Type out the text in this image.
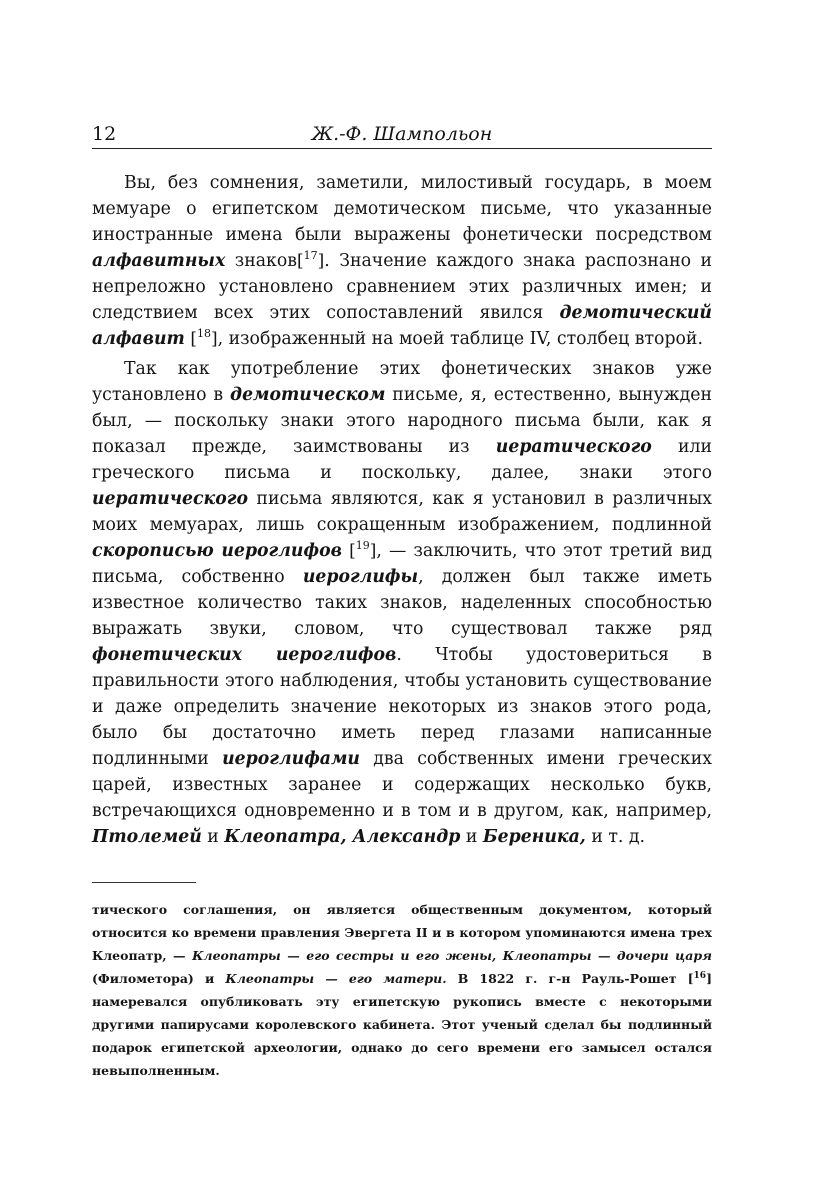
12	Ж.-Ф. Шампольон

Вы, без сомнения, заметили, милостивый государь, в моем мемуаре о египетском демотическом письме, что указанные иностранные имена были выражены фонетически посредством алфавитных знаков[$^{17}$]. Значение каждого знака распознано и непреложно установлено сравнением этих различных имен; и следствием всех этих сопоставлений явился демотический алфавит [$^{18}$], изображенный на моей таблице IV, столбец второй.

Так как употребление этих фонетических знаков уже установлено в демотическом письме, я, естественно, вынужден был, — поскольку знаки этого народного письма были, как я показал прежде, заимствованы из иератического или греческого письма и поскольку, далее, знаки этого иератического письма являются, как я установил в различных моих мемуарах, лишь сокращенным изображением, подлинной скорописью иероглифов [$^{19}$], — заключить, что этот третий вид письма, собственно иероглифы, должен был также иметь известное количество таких знаков, наделенных способностью выражать звуки, словом, что существовал также ряд фонетических иероглифов. Чтобы удостовериться в правильности этого наблюдения, чтобы установить существование и даже определить значение некоторых из знаков этого рода, было бы достаточно иметь перед глазами написанные подлинными иероглифами два собственных имени греческих царей, известных заранее и содержащих несколько букв, встречающихся одновременно и в том и в другом, как, например, Птолемей и Клеопатра, Александр и Береника, и т. д.

тического соглашения, он является общественным документом, который относится ко времени правления Эвергета II и в котором упоминаются имена трех Клеопатр, — Клеопатры — его сестры и его жены, Клеопатры — дочери царя (Филометора) и Клеопатры — его матери. В 1822 г. г-н Рауль-Рошет [$^{16}$] намеревался опубликовать эту египетскую рукопись вместе с некоторыми другими папирусами королевского кабинета. Этот ученый сделал бы подлинный подарок египетской археологии, однако до сего времени его замысел остался невыполненным.
